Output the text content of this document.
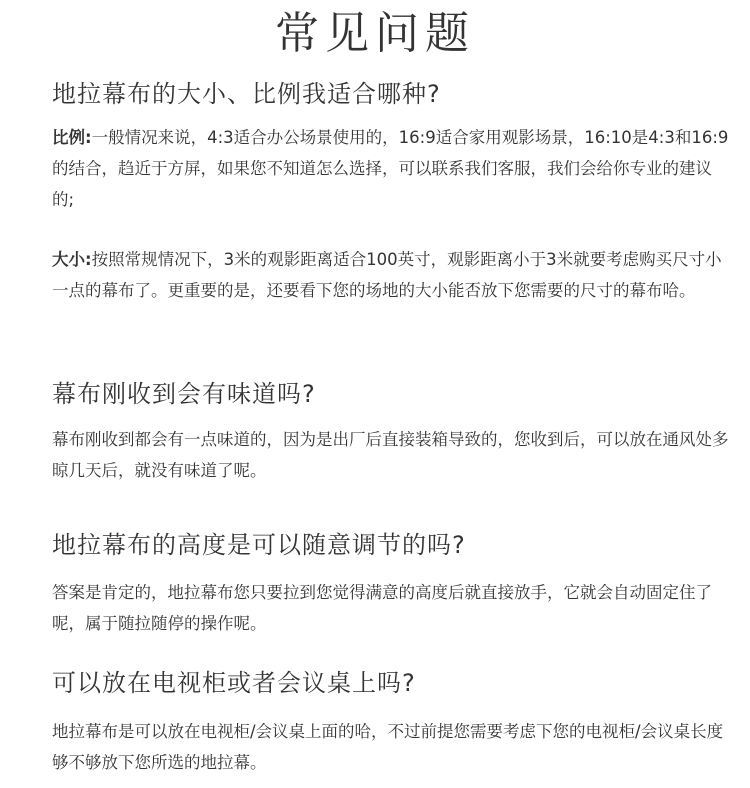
常见问题
地拉幕布的大小、比例我适合哪种?

比例:一般情况来说，4:3适合办公场景使用的，16:9适合家用观影场景，16:10是4:3和16:9的结合，趋近于方屏，如果您不知道怎么选择，可以联系我们客服，我们会给你专业的建议的;

大小:按照常规情况下，3米的观影距离适合100英寸，观影距离小于3米就要考虑购买尺寸小一点的幕布了。更重要的是，还要看下您的场地的大小能否放下您需要的尺寸的幕布哈。

幕布刚收到会有味道吗?

幕布刚收到都会有一点味道的，因为是出厂后直接装箱导致的，您收到后，可以放在通风处多晾几天后，就没有味道了呢。

地拉幕布的高度是可以随意调节的吗?

答案是肯定的，地拉幕布您只要拉到您觉得满意的高度后就直接放手，它就会自动固定住了呢，属于随拉随停的操作呢。

可以放在电视柜或者会议桌上吗?

地拉幕布是可以放在电视柜/会议桌上面的哈，不过前提您需要考虑下您的电视柜/会议桌长度够不够放下您所选的地拉幕。
